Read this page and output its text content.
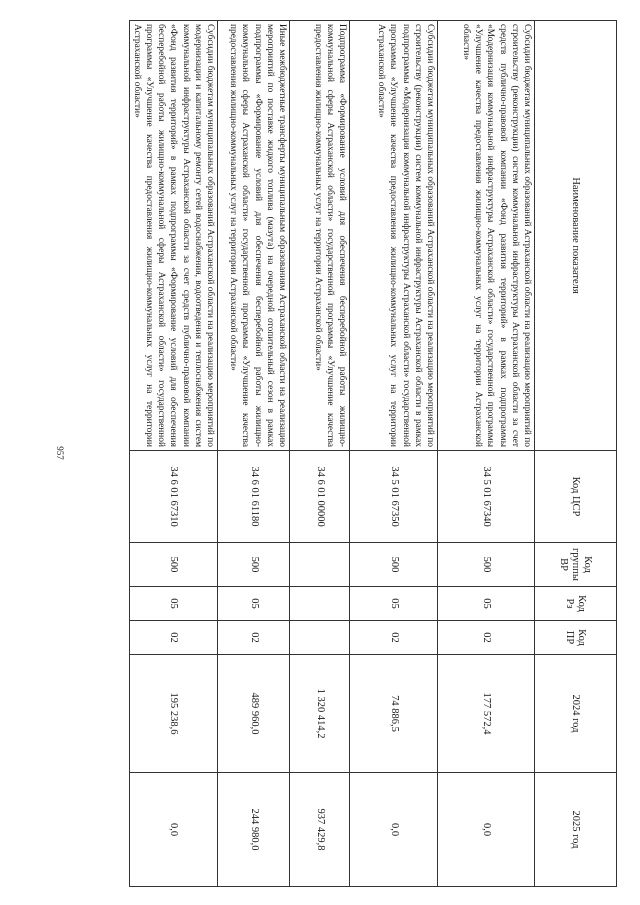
957
Наименование показателя	Код ЦСР	Код группы ВР	Код Рз	Код ПР	2024 год	2025 год
Субсидии бюджетам муниципальных образований Астраханской области на реализацию мероприятий по строительству (реконструкции) систем коммунальной инфраструктуры Астраханской области за счет средств публично-правовой компании «Фонд развития территорий» в рамках подпрограммы «Модернизация коммунальной инфраструктуры Астраханской области» государственной программы «Улучшение качества предоставления жилищно-коммунальных услуг на территории Астраханской области»	34 5 01 67340	500	05	02	177 572,4	0,0
Субсидии бюджетам муниципальных образований Астраханской области на реализацию мероприятий по строительству (реконструкции) систем коммунальной инфраструктуры Астраханской области в рамках подпрограммы «Модернизация коммунальной инфраструктуры Астраханской области» государственной программы «Улучшение качества предоставления жилищно-коммунальных услуг на территории Астраханской области»	34 5 01 67350	500	05	02	74 886,5	0,0
Подпрограмма «Формирование условий для обеспечения бесперебойной работы жилищно-коммунальной сферы Астраханской области» государственной программы «Улучшение качества предоставления жилищно-коммунальных услуг на территории Астраханской области»	34 6 01 00000				1 320 414,2	937 429,8
Иные межбюджетные трансферты муниципальным образованиям Астраханской области на реализацию мероприятий по поставке жидкого топлива (мазута) на очередной отопительный сезон в рамках подпрограммы «Формирование условий для обеспечения бесперебойной работы жилищно-коммунальной сферы Астраханской области» государственной программы «Улучшение качества предоставления жилищно-коммунальных услуг на территории Астраханской области»	34 6 01 61180	500	05	02	489 960,0	244 980,0
Субсидии бюджетам муниципальных образований Астраханской области на реализацию мероприятий по модернизации и капитальному ремонту сетей водоснабжения, водоотведения и теплоснабжения систем коммунальной инфраструктуры Астраханской области за счет средств публично-правовой компании «Фонд развития территорий» в рамках подпрограммы «Формирование условий для обеспечения бесперебойной работы жилищно-коммунальной сферы Астраханской области» государственной программы «Улучшение качества предоставления жилищно-коммунальных услуг на территории Астраханской области»	34 6 01 67310	500	05	02	195 238,6	0,0
